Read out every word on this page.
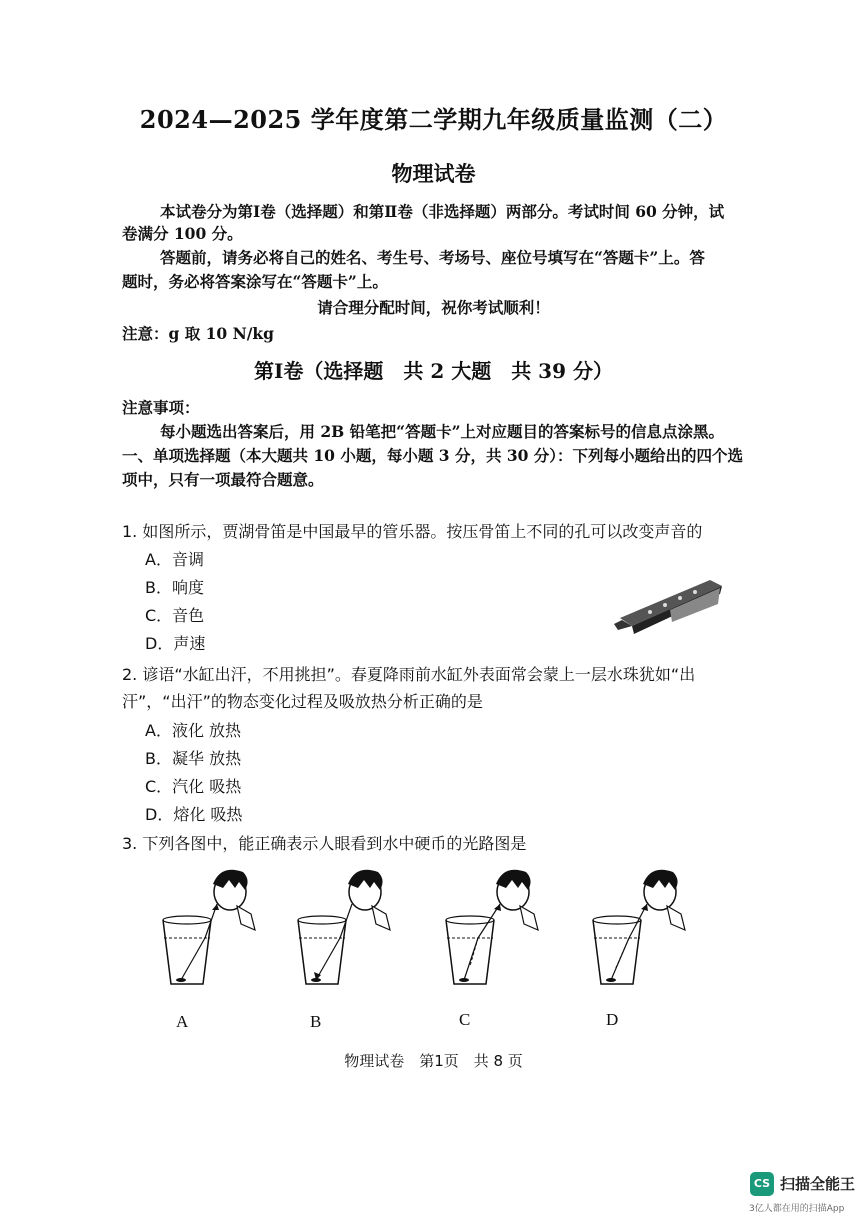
2024—2025 学年度第二学期九年级质量监测（二）
物理试卷
本试卷分为第Ⅰ卷（选择题）和第Ⅱ卷（非选择题）两部分。考试时间 60 分钟，试
卷满分 100 分。
答题前，请务必将自己的姓名、考生号、考场号、座位号填写在“答题卡”上。答
题时，务必将答案涂写在“答题卡”上。
请合理分配时间，祝你考试顺利！
注意：g 取 10 N/kg
第Ⅰ卷（选择题　共 2 大题　共 39 分）
注意事项：
每小题选出答案后，用 2B 铅笔把“答题卡”上对应题目的答案标号的信息点涂黑。
一、单项选择题（本大题共 10 小题，每小题 3 分，共 30 分）：下列每小题给出的四个选
项中，只有一项最符合题意。
1. 如图所示，贾湖骨笛是中国最早的管乐器。按压骨笛上不同的孔可以改变声音的
A．音调
B．响度
C．音色
D．声速
2. 谚语“水缸出汗，不用挑担”。春夏降雨前水缸外表面常会蒙上一层水珠犹如“出
汗”，“出汗”的物态变化过程及吸放热分析正确的是
A．液化 放热
B．凝华 放热
C．汽化 吸热
D．熔化 吸热
3. 下列各图中，能正确表示人眼看到水中硬币的光路图是
A	B	C	D
物理试卷　第1页　共 8 页
CS 扫描全能王
3亿人都在用的扫描App
